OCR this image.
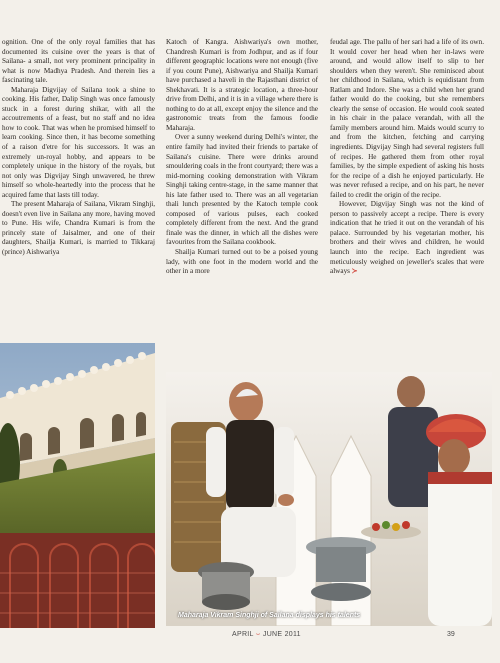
ognition. One of the only royal families that has documented its cuisine over the years is that of Sailana- a small, not very prominent principality in what is now Madhya Pradesh. And therein lies a fascinating tale.

Maharaja Digvijay of Sailana took a shine to cooking. His father, Dalip Singh was once famously stuck in a forest during shikar, with all the accoutrements of a feast, but no staff and no idea how to cook. That was when he promised himself to learn cooking. Since then, it has become something of a raison d'etre for his successors. It was an extremely un-royal hobby, and appears to be completely unique in the history of the royals, but not only was Digvijay Singh unwavered, he threw himself so whole-heartedly into the process that he acquired fame that lasts till today.

The present Maharaja of Sailana, Vikram Singhji, doesn't even live in Sailana any more, having moved to Pune. His wife, Chandra Kumari is from the princely state of Jaisalmer, and one of their daughters, Shailja Kumari, is married to Tikkaraj (prince) Aishwariya

Katoch of Kangra. Aishwariya's own mother, Chandresh Kumari is from Jodhpur, and as if four different geographic locations were not enough (five if you count Pune), Aishwariya and Shailja Kumari have purchased a haveli in the Rajasthani district of Shekhavati. It is a strategic location, a three-hour drive from Delhi, and it is in a village where there is nothing to do at all, except enjoy the silence and the gastronomic treats from the famous foodie Maharaja.

Over a sunny weekend during Delhi's winter, the entire family had invited their friends to partake of Sailana's cuisine. There were drinks around smouldering coals in the front courtyard; there was a mid-morning cooking demonstration with Vikram Singhji taking centre-stage, in the same manner that his late father used to. There was an all vegetarian thali lunch presented by the Katoch temple cook composed of various pulses, each cooked completely different from the next. And the grand finale was the dinner, in which all the dishes were favourites from the Sailana cookbook.

Shailja Kumari turned out to be a poised young lady, with one foot in the modern world and the other in a more

feudal age. The pallu of her sari had a life of its own. It would cover her head when her in-laws were around, and would allow itself to slip to her shoulders when they weren't. She reminisced about her childhood in Sailana, which is equidistant from Ratlam and Indore. She was a child when her grand father would do the cooking, but she remembers clearly the sense of occasion. He would cook seated in his chair in the palace verandah, with all the family members around him. Maids would scurry to and from the kitchen, fetching and carrying ingredients. Digvijay Singh had several registers full of recipes. He gathered them from other royal families, by the simple expedient of asking his hosts for the recipe of a dish he enjoyed particularly. He was never refused a recipe, and on his part, he never failed to credit the origin of the recipe.

However, Digvijay Singh was not the kind of person to passively accept a recipe. There is every indication that he tried it out on the verandah of his palace. Surrounded by his vegetarian mother, his brothers and their wives and children, he would launch into the recipe. Each ingredient was meticulously weighed on jeweller's scales that were always ≻

Maharaja Vikram Singhji of Sailana displays his talents
APRIL ⌣ JUNE 2011	39
